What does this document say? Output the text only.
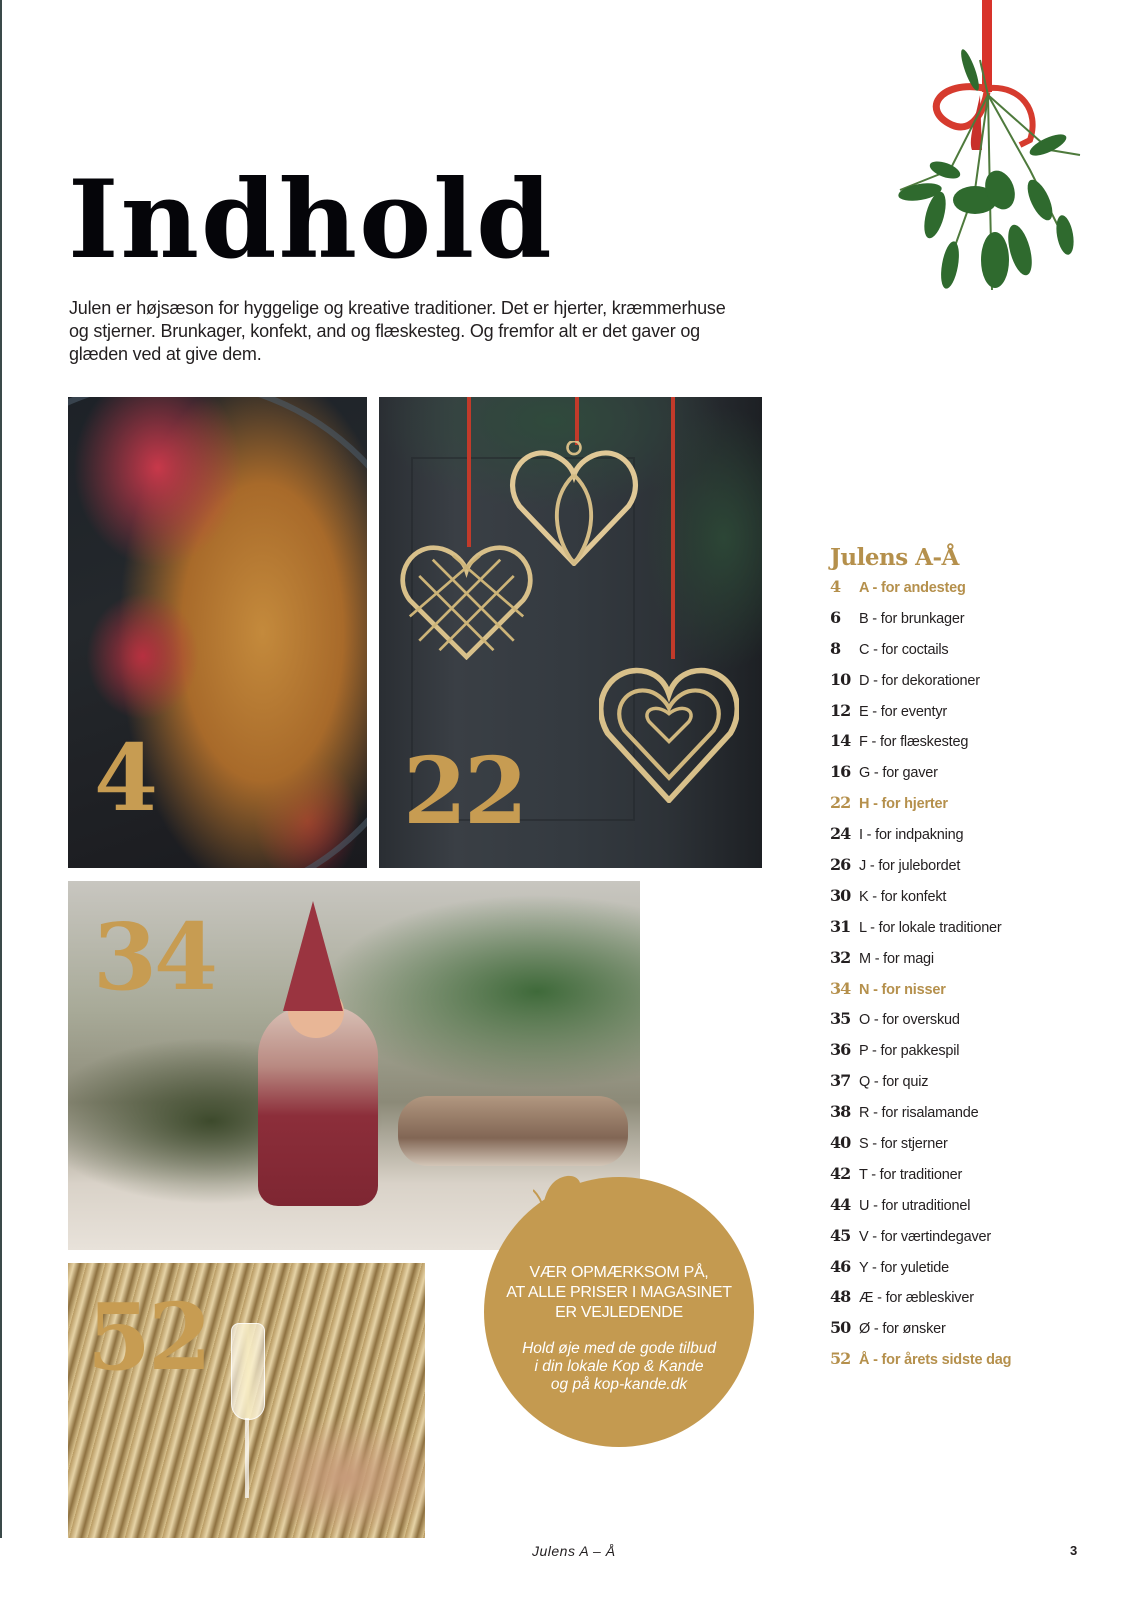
Indhold

Julen er højsæson for hyggelige og kreative traditioner. Det er hjerter, kræmmerhuse og stjerner. Brunkager, konfekt, and og flæskesteg. Og fremfor alt er det gaver og glæden ved at give dem.

4	22
34
52
VÆR OPMÆRKSOM PÅ,
AT ALLE PRISER I MAGASINET
ER VEJLEDENDE
Hold øje med de gode tilbud
i din lokale Kop & Kande
og på kop-kande.dk
Julens A-Å
4	A - for andesteg
6	B - for brunkager
8	C - for coctails
10 D - for dekorationer
12 E - for eventyr
14 F - for flæskesteg
16 G - for gaver
22 H - for hjerter
24 I - for indpakning
26 J - for julebordet
30 K - for konfekt
31 L - for lokale traditioner
32 M - for magi
34 N - for nisser
35 O - for overskud
36 P - for pakkespil
37 Q - for quiz
38 R - for risalamande
40 S - for stjerner
42 T - for traditioner
44 U - for utraditionel
45 V - for værtindegaver
46 Y - for yuletide
48 Æ - for æbleskiver
50 Ø - for ønsker
52 Å - for årets sidste dag
Julens A – Å	3
